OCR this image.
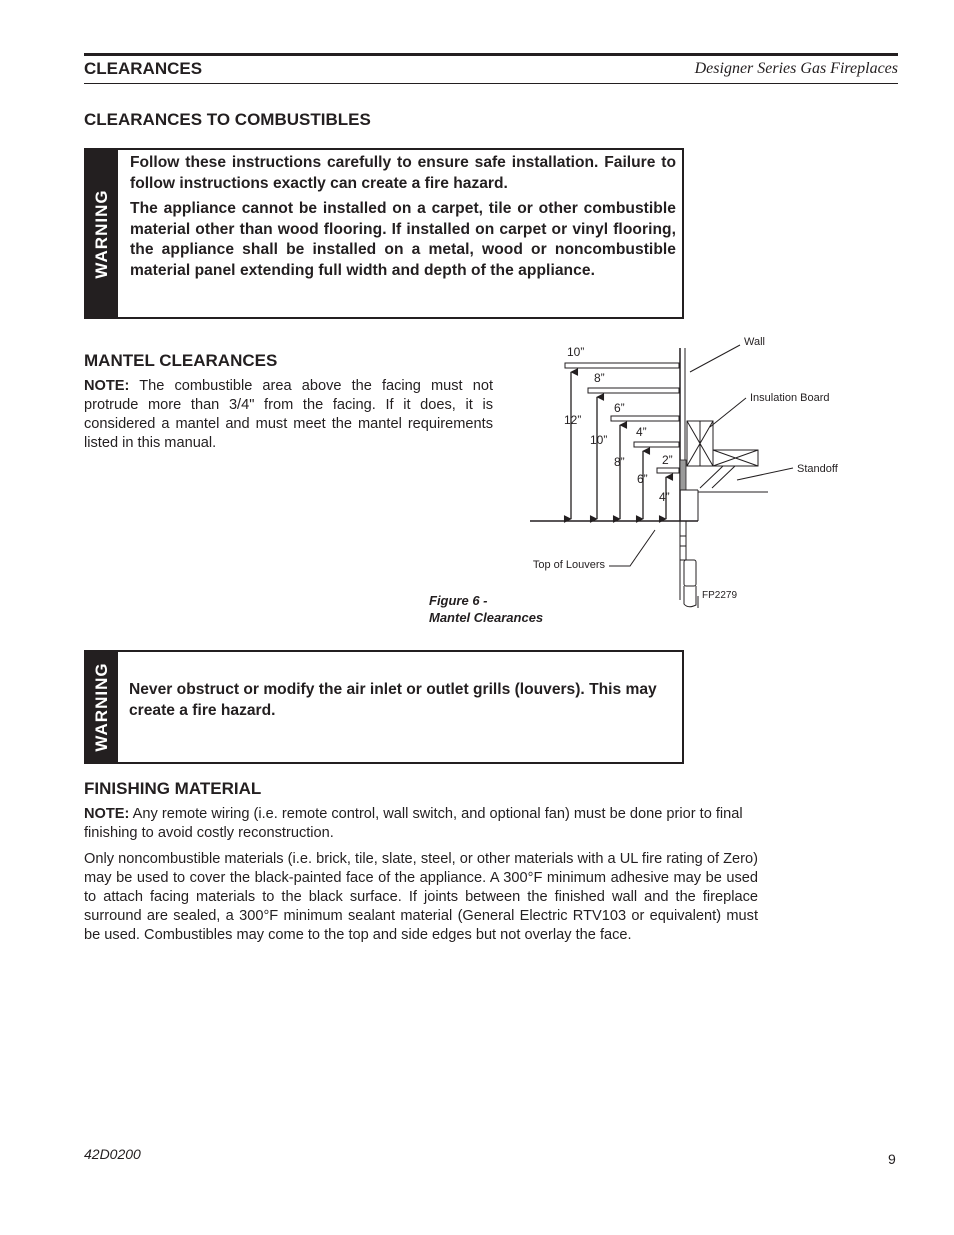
CLEARANCES	Designer Series Gas Fireplaces
CLEARANCES TO COMBUSTIBLES
WARNING

Follow these instructions carefully to ensure safe installation. Failure to follow instructions exactly can create a fire hazard.

The appliance cannot be installed on a carpet, tile or other combustible material other than wood flooring. If installed on carpet or vinyl flooring, the appliance shall be installed on a metal, wood or noncombustible material panel extending full width and depth of the appliance.

MANTEL CLEARANCES

NOTE: The combustible area above the facing must not protrude more than 3/4" from the facing. If it does, it is considered a mantel and must meet the mantel requirements listed in this manual.

Wall
Insulation Board
Standoff
Top of Louvers
FP2279
10”
8”
6”
4”
2”
12”
10”
8”
6”
4”
Figure 6 -
Mantel Clearances
WARNING Never obstruct or modify the air inlet or outlet grills (louvers). This may create a fire hazard.

FINISHING MATERIAL

NOTE: Any remote wiring (i.e. remote control, wall switch, and optional fan) must be done prior to final finishing to avoid costly reconstruction.

Only noncombustible materials (i.e. brick, tile, slate, steel, or other materials with a UL fire rating of Zero) may be used to cover the black-painted face of the appliance. A 300°F minimum adhesive may be used to attach facing materials to the black surface. If joints between the finished wall and the fireplace surround are sealed, a 300°F minimum sealant material (General Electric RTV103 or equivalent) must be used. Combustibles may come to the top and side edges but not overlay the face.

42D0200	9
